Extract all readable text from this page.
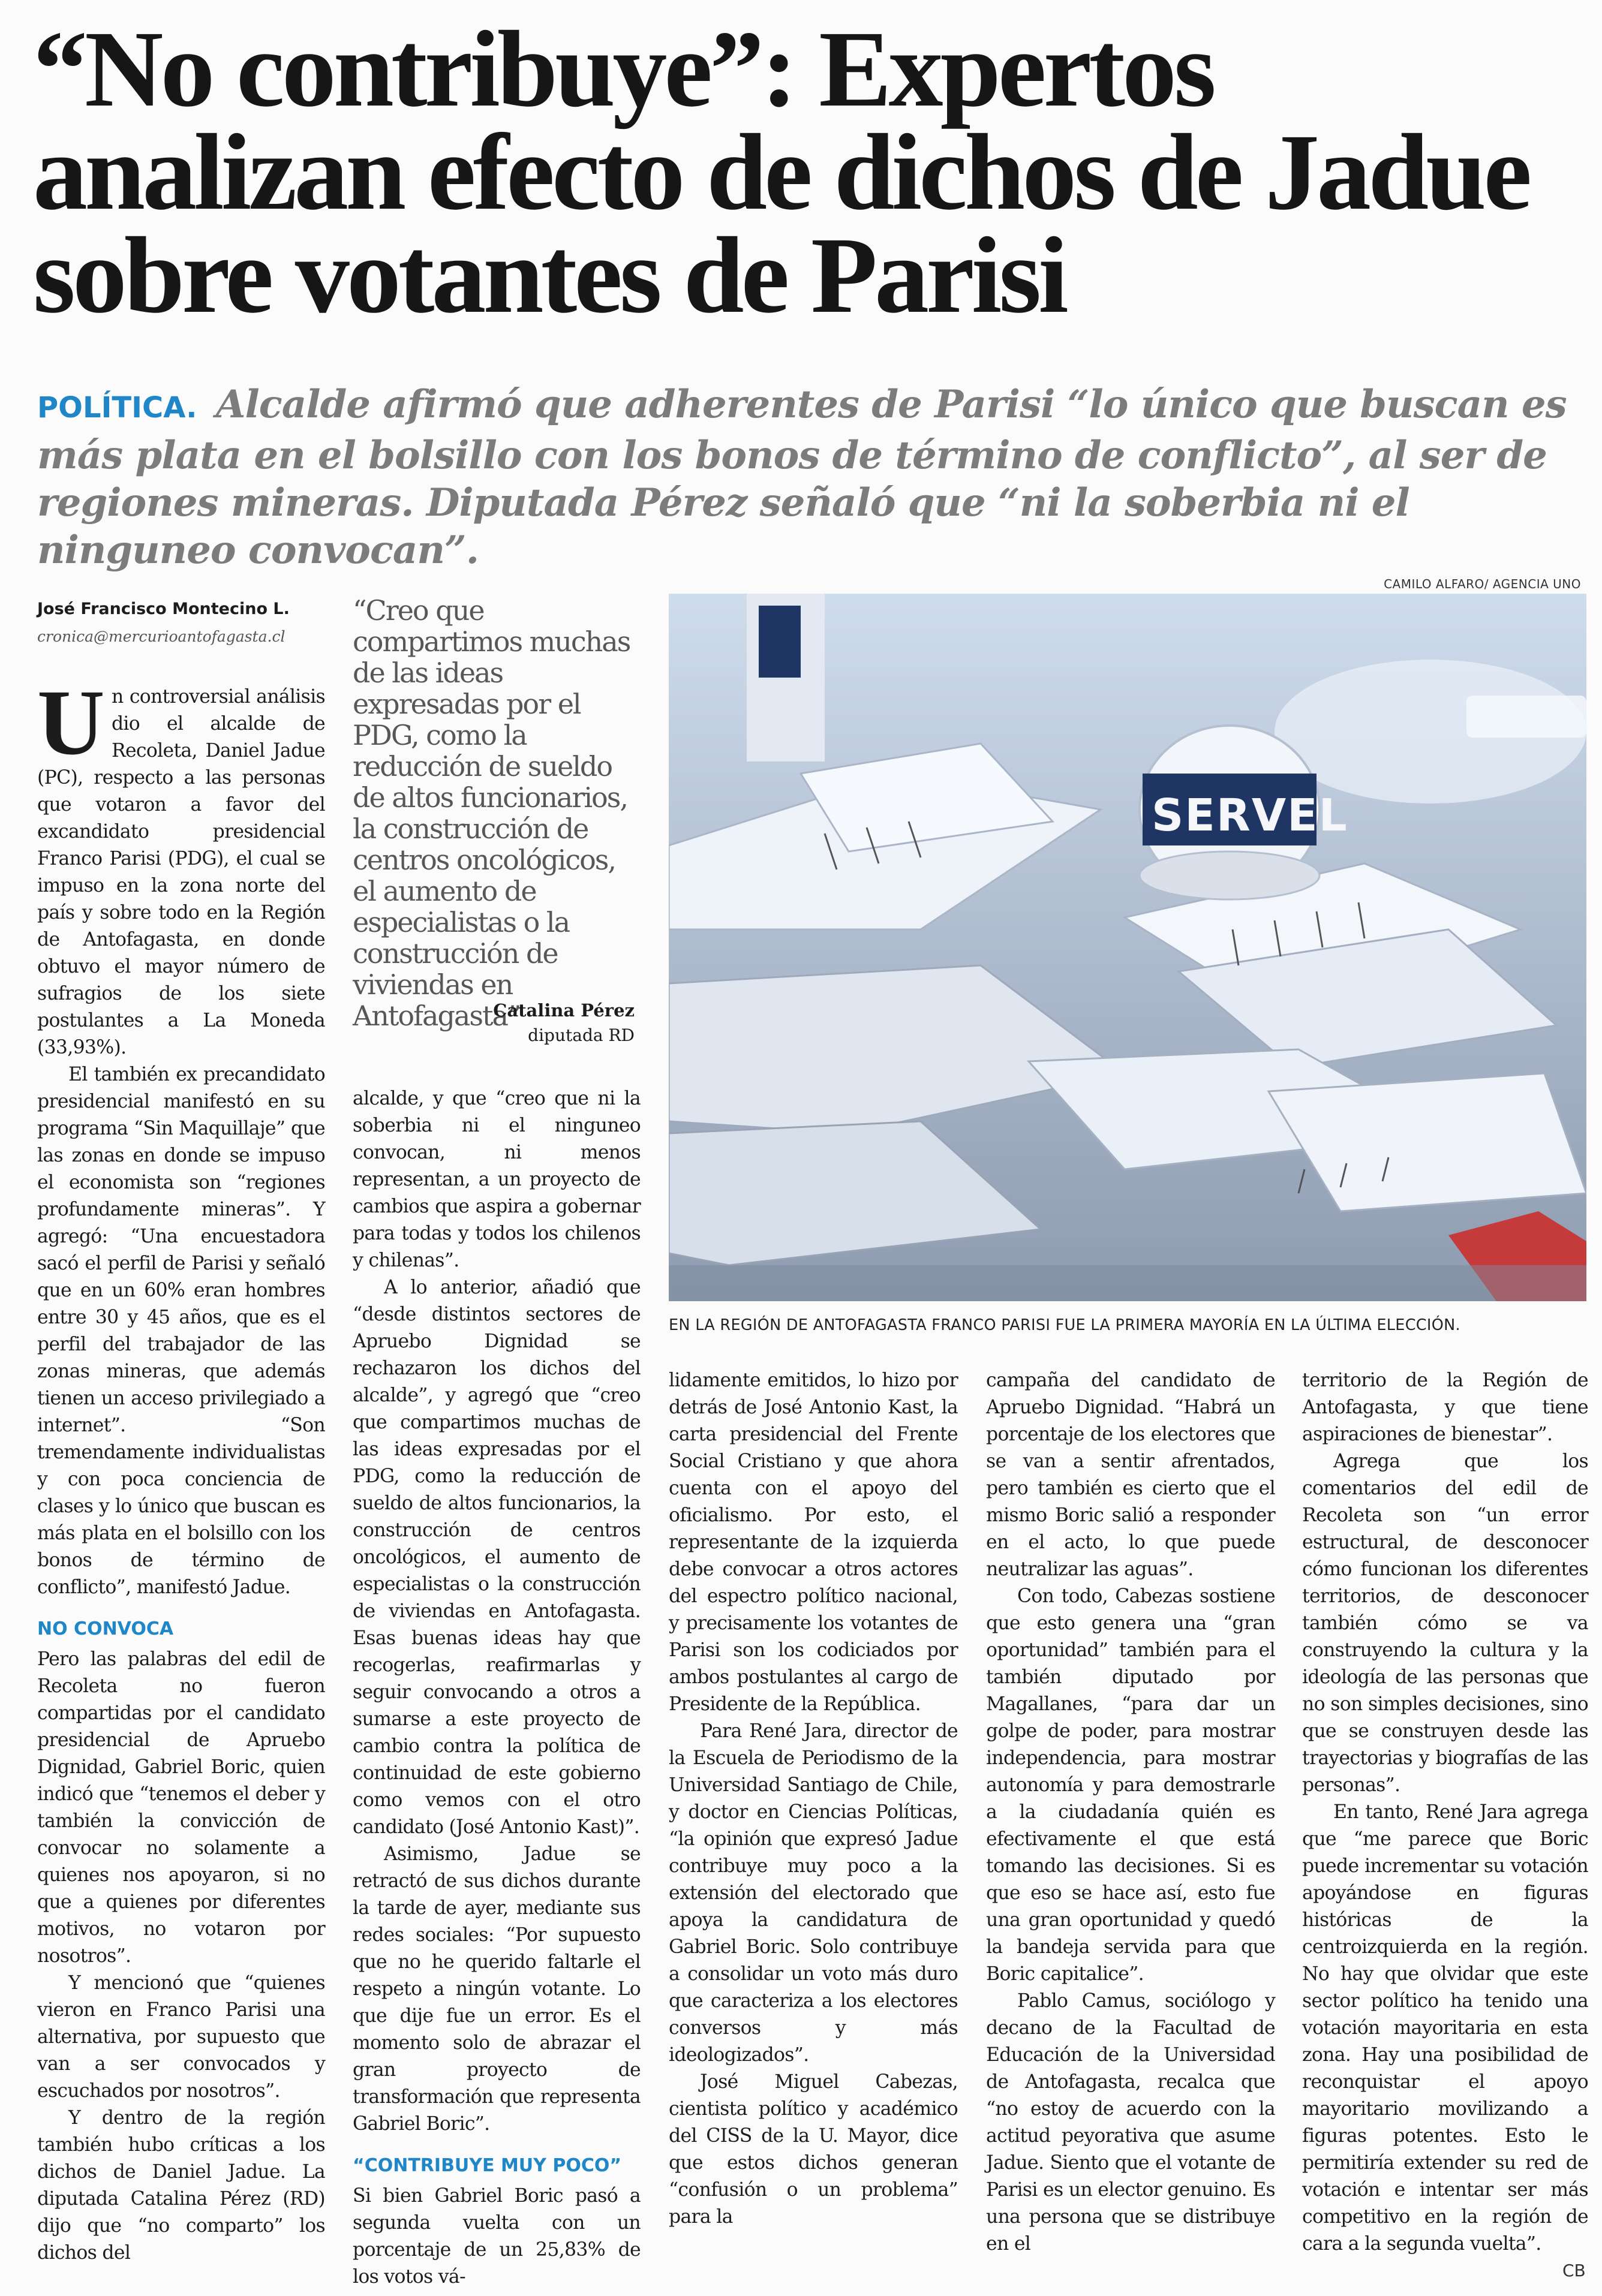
“No contribuye”: Expertos analizan efecto de dichos de Jadue sobre votantes de Parisi
POLÍTICA. Alcalde afirmó que adherentes de Parisi “lo único que buscan es más plata en el bolsillo con los bonos de término de conflicto”, al ser de regiones mineras. Diputada Pérez señaló que “ni la soberbia ni el ninguneo convocan”.
José Francisco Montecino L.
cronica@mercurioantofagasta.cl

Un controversial análisis dio el alcalde de Recoleta, Daniel Jadue (PC), respecto a las personas que votaron a favor del excandidato presidencial Franco Parisi (PDG), el cual se impuso en la zona norte del país y sobre todo en la Región de Antofagasta, en donde obtuvo el mayor número de sufragios de los siete postulantes a La Moneda (33,93%).

El también ex precandidato presidencial manifestó en su programa “Sin Maquillaje” que las zonas en donde se impuso el economista son “regiones profundamente mineras”. Y agregó: “Una encuestadora sacó el perfil de Parisi y señaló que en un 60% eran hombres entre 30 y 45 años, que es el perfil del trabajador de las zonas mineras, que además tienen un acceso privilegiado a internet”. “Son tremendamente individualistas y con poca conciencia de clases y lo único que buscan es más plata en el bolsillo con los bonos de término de conflicto”, manifestó Jadue.

NO CONVOCA

Pero las palabras del edil de Recoleta no fueron compartidas por el candidato presidencial de Apruebo Dignidad, Gabriel Boric, quien indicó que “tenemos el deber y también la convicción de convocar no solamente a quienes nos apoyaron, si no que a quienes por diferentes motivos, no votaron por nosotros”.

Y mencionó que “quienes vieron en Franco Parisi una alternativa, por supuesto que van a ser convocados y escuchados por nosotros”.

Y dentro de la región también hubo críticas a los dichos de Daniel Jadue. La diputada Catalina Pérez (RD) dijo que “no comparto” los dichos del

“Creo que compartimos muchas de las ideas expresadas por el PDG, como la reducción de sueldo de altos funcionarios, la construcción de centros oncológicos, el aumento de especialistas o la construcción de viviendas en Antofagasta”
Catalina Pérez
diputada RD

alcalde, y que “creo que ni la soberbia ni el ninguneo convocan, ni menos representan, a un proyecto de cambios que aspira a gobernar para todas y todos los chilenos y chilenas”.

A lo anterior, añadió que “desde distintos sectores de Apruebo Dignidad se rechazaron los dichos del alcalde”, y agregó que “creo que compartimos muchas de las ideas expresadas por el PDG, como la reducción de sueldo de altos funcionarios, la construcción de centros oncológicos, el aumento de especialistas o la construcción de viviendas en Antofagasta. Esas buenas ideas hay que recogerlas, reafirmarlas y seguir convocando a otros a sumarse a este proyecto de cambio contra la política de continuidad de este gobierno como vemos con el otro candidato (José Antonio Kast)”.

Asimismo, Jadue se retractó de sus dichos durante la tarde de ayer, mediante sus redes sociales: “Por supuesto que no he querido faltarle el respeto a ningún votante. Lo que dije fue un error. Es el momento solo de abrazar el gran proyecto de transformación que representa Gabriel Boric”.

“CONTRIBUYE MUY POCO”

Si bien Gabriel Boric pasó a segunda vuelta con un porcentaje de un 25,83% de los votos vá-

CAMILO ALFARO/ AGENCIA UNO
SERVEL
EN LA REGIÓN DE ANTOFAGASTA FRANCO PARISI FUE LA PRIMERA MAYORÍA EN LA ÚLTIMA ELECCIÓN.

lidamente emitidos, lo hizo por detrás de José Antonio Kast, la carta presidencial del Frente Social Cristiano y que ahora cuenta con el apoyo del oficialismo. Por esto, el representante de la izquierda debe convocar a otros actores del espectro político nacional, y precisamente los votantes de Parisi son los codiciados por ambos postulantes al cargo de Presidente de la República.

Para René Jara, director de la Escuela de Periodismo de la Universidad Santiago de Chile, y doctor en Ciencias Políticas, “la opinión que expresó Jadue contribuye muy poco a la extensión del electorado que apoya la candidatura de Gabriel Boric. Solo contribuye a consolidar un voto más duro que caracteriza a los electores conversos y más ideologizados”.

José Miguel Cabezas, cientista político y académico del CISS de la U. Mayor, dice que estos dichos generan “confusión o un problema” para la

campaña del candidato de Apruebo Dignidad. “Habrá un porcentaje de los electores que se van a sentir afrentados, pero también es cierto que el mismo Boric salió a responder en el acto, lo que puede neutralizar las aguas”.

Con todo, Cabezas sostiene que esto genera una “gran oportunidad” también para el también diputado por Magallanes, “para dar un golpe de poder, para mostrar independencia, para mostrar autonomía y para demostrarle a la ciudadanía quién es efectivamente el que está tomando las decisiones. Si es que eso se hace así, esto fue una gran oportunidad y quedó la bandeja servida para que Boric capitalice”.

Pablo Camus, sociólogo y decano de la Facultad de Educación de la Universidad de Antofagasta, recalca que “no estoy de acuerdo con la actitud peyorativa que asume Jadue. Siento que el votante de Parisi es un elector genuino. Es una persona que se distribuye en el

territorio de la Región de Antofagasta, y que tiene aspiraciones de bienestar”.

Agrega que los comentarios del edil de Recoleta son “un error estructural, de desconocer cómo funcionan los diferentes territorios, de desconocer también cómo se va construyendo la cultura y la ideología de las personas que no son simples decisiones, sino que se construyen desde las trayectorias y biografías de las personas”.

En tanto, René Jara agrega que “me parece que Boric puede incrementar su votación apoyándose en figuras históricas de la centroizquierda en la región. No hay que olvidar que este sector político ha tenido una votación mayoritaria en esta zona. Hay una posibilidad de reconquistar el apoyo mayoritario movilizando a figuras potentes. Esto le permitiría extender su red de votación e intentar ser más competitivo en la región de cara a la segunda vuelta”.

CB
